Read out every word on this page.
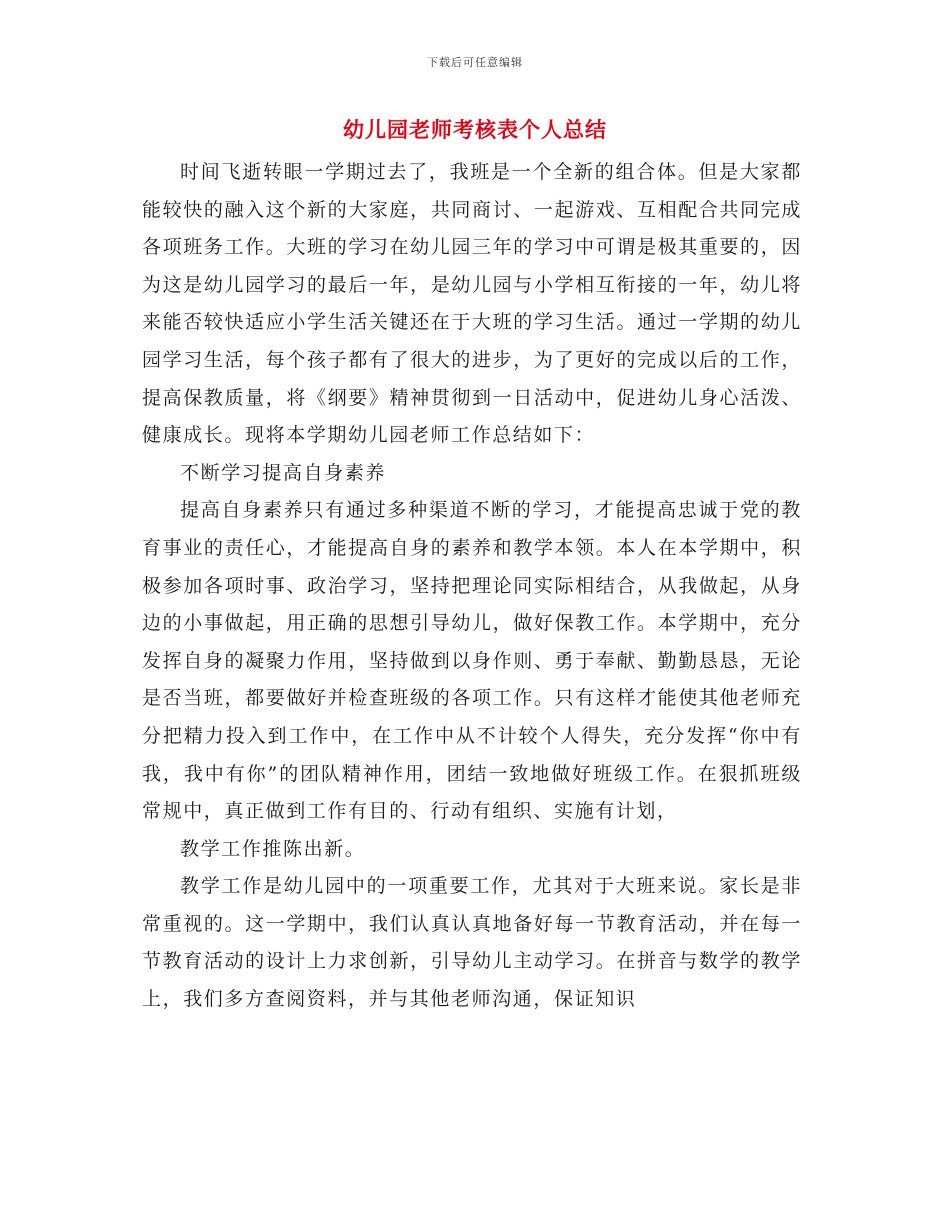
下载后可任意编辑
幼儿园老师考核表个人总结

时间飞逝转眼一学期过去了，我班是一个全新的组合体。但是大家都能较快的融入这个新的大家庭，共同商讨、一起游戏、互相配合共同完成各项班务工作。大班的学习在幼儿园三年的学习中可谓是极其重要的，因为这是幼儿园学习的最后一年，是幼儿园与小学相互衔接的一年，幼儿将来能否较快适应小学生活关键还在于大班的学习生活。通过一学期的幼儿园学习生活，每个孩子都有了很大的进步，为了更好的完成以后的工作，提高保教质量，将《纲要》精神贯彻到一日活动中，促进幼儿身心活泼、健康成长。现将本学期幼儿园老师工作总结如下：

不断学习提高自身素养

提高自身素养只有通过多种渠道不断的学习，才能提高忠诚于党的教育事业的责任心，才能提高自身的素养和教学本领。本人在本学期中，积极参加各项时事、政治学习，坚持把理论同实际相结合，从我做起，从身边的小事做起，用正确的思想引导幼儿，做好保教工作。本学期中，充分发挥自身的凝聚力作用，坚持做到以身作则、勇于奉献、勤勤恳恳，无论是否当班，都要做好并检查班级的各项工作。只有这样才能使其他老师充分把精力投入到工作中，在工作中从不计较个人得失，充分发挥“你中有我，我中有你”的团队精神作用，团结一致地做好班级工作。在狠抓班级常规中，真正做到工作有目的、行动有组织、实施有计划，

教学工作推陈出新。

教学工作是幼儿园中的一项重要工作，尤其对于大班来说。家长是非常重视的。这一学期中，我们认真认真地备好每一节教育活动，并在每一节教育活动的设计上力求创新，引导幼儿主动学习。在拼音与数学的教学上，我们多方查阅资料，并与其他老师沟通，保证知识
